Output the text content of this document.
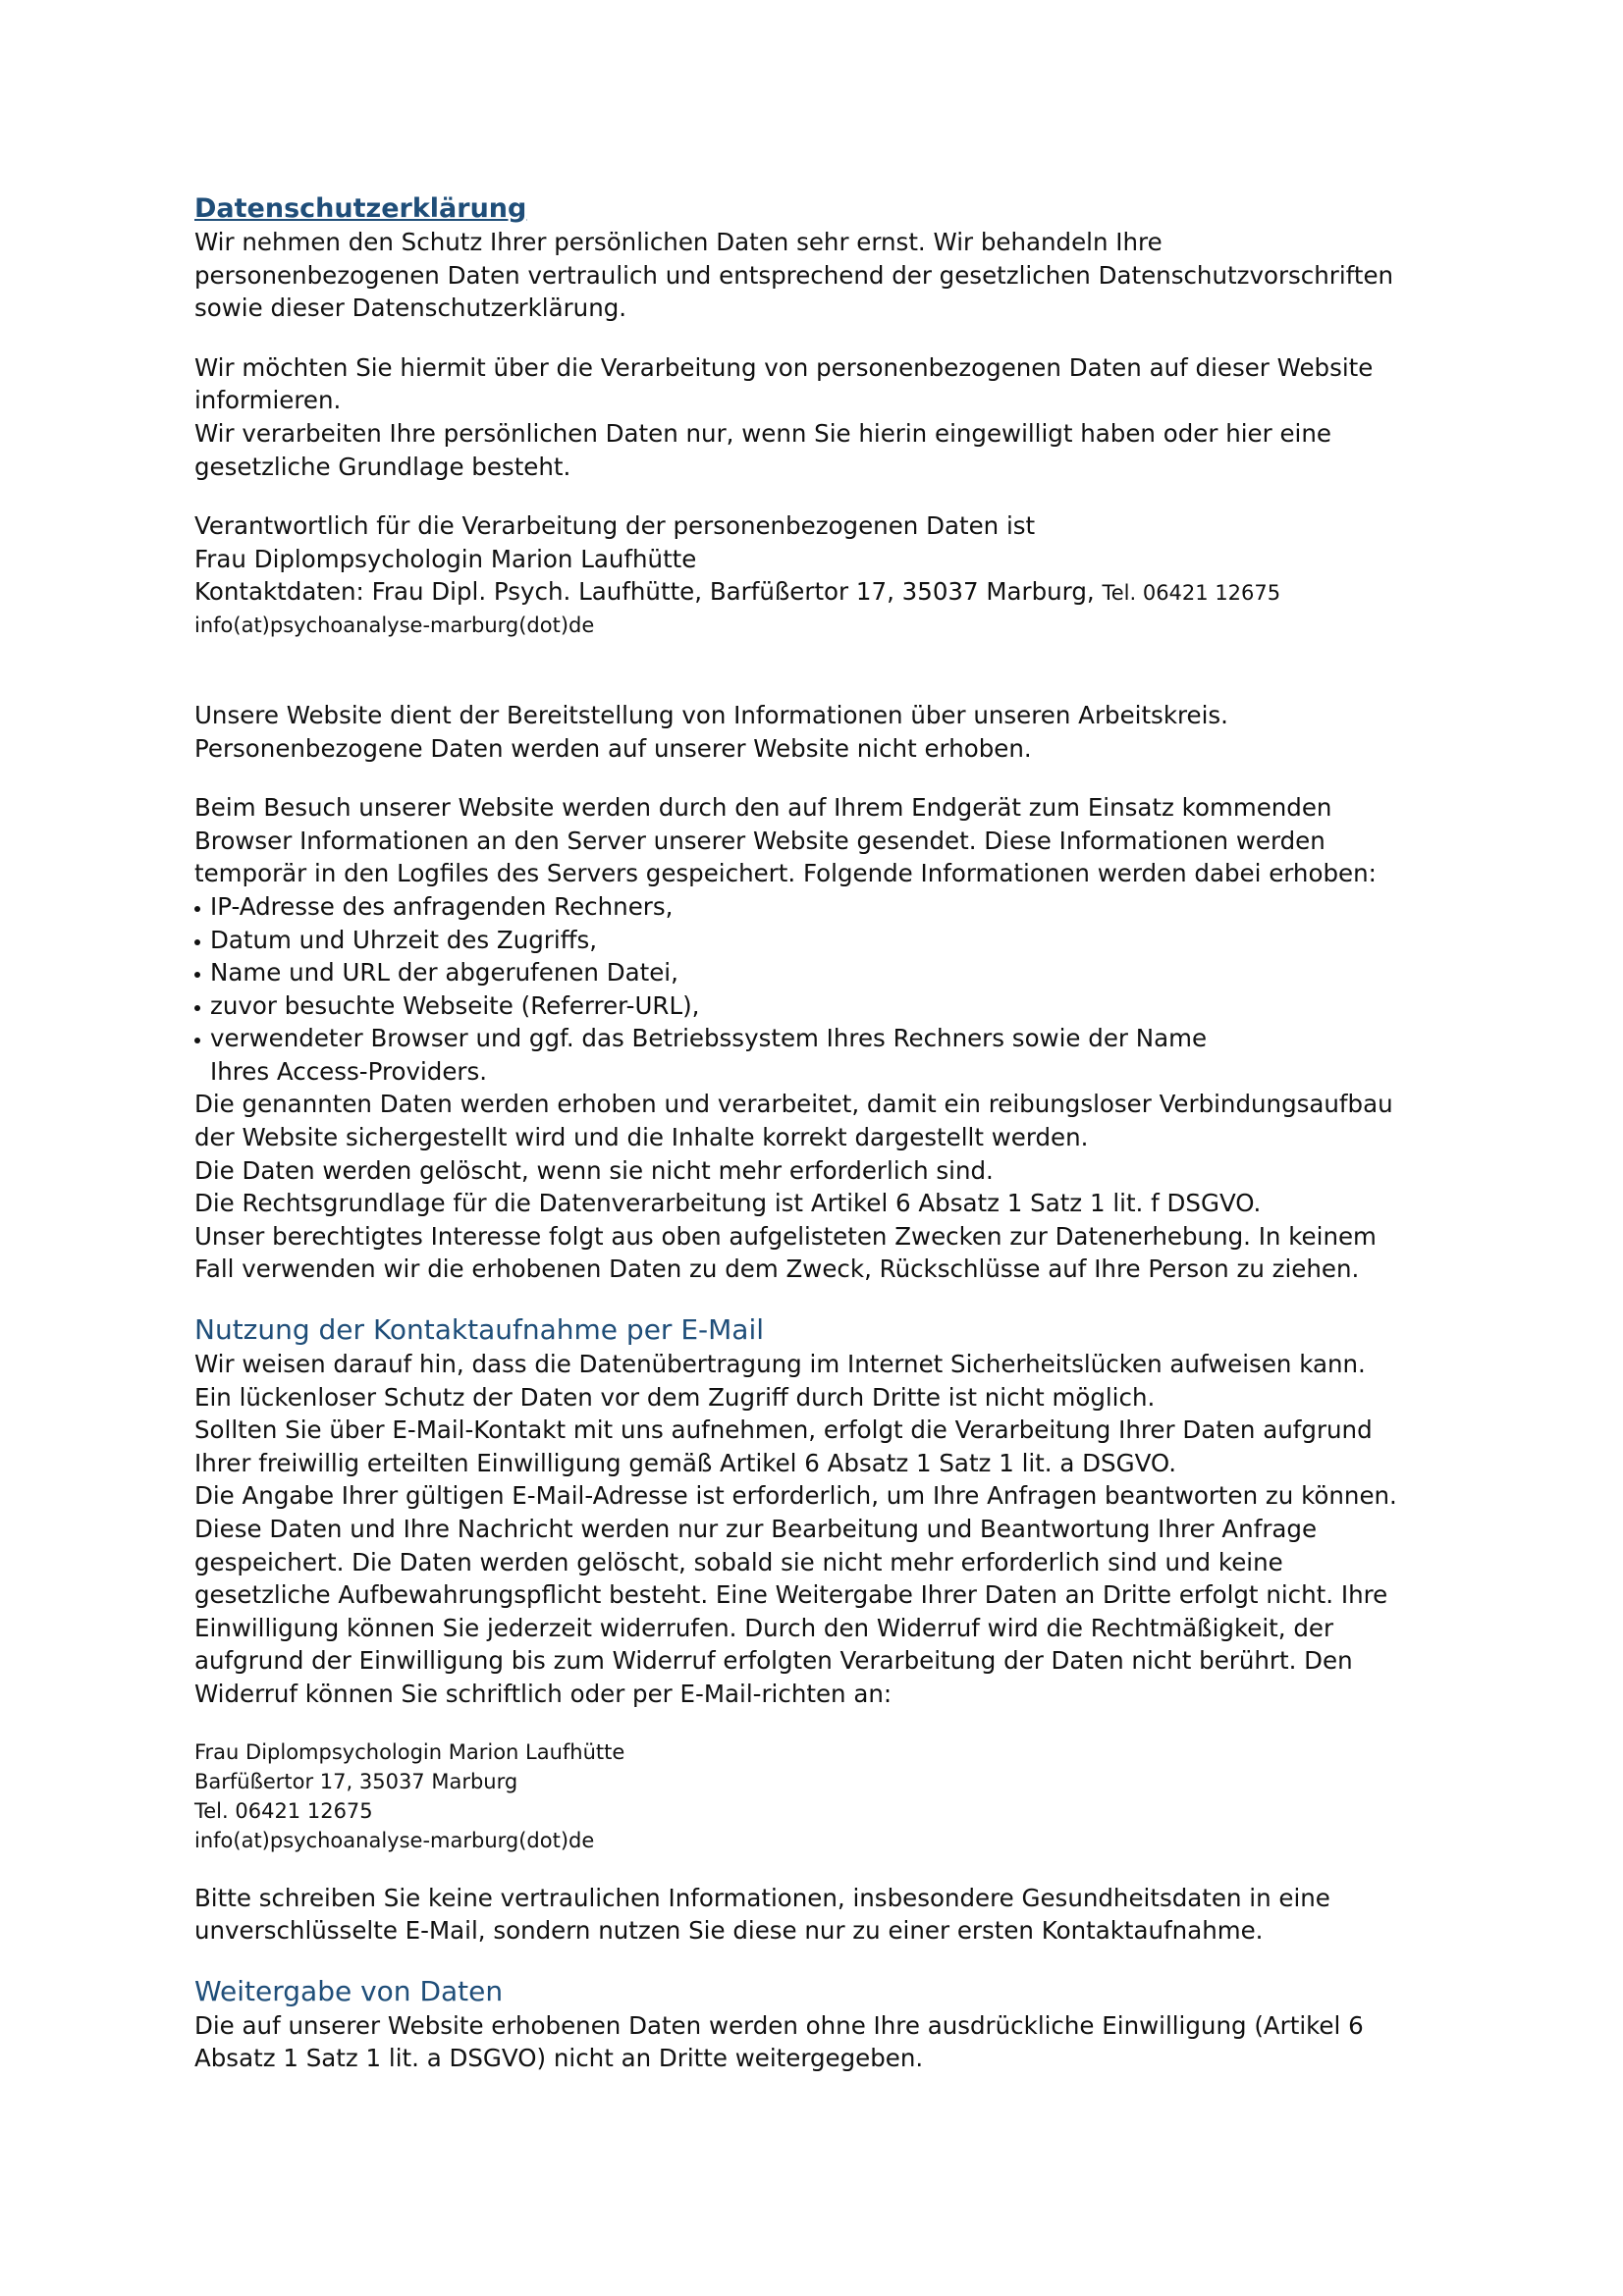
Datenschutzerklärung

Wir nehmen den Schutz Ihrer persönlichen Daten sehr ernst. Wir behandeln Ihre
personenbezogenen Daten vertraulich und entsprechend der gesetzlichen Datenschutzvorschriften
sowie dieser Datenschutzerklärung.

Wir möchten Sie hiermit über die Verarbeitung von personenbezogenen Daten auf dieser Website
informieren.
Wir verarbeiten Ihre persönlichen Daten nur, wenn Sie hierin eingewilligt haben oder hier eine
gesetzliche Grundlage besteht.

Verantwortlich für die Verarbeitung der personenbezogenen Daten ist

Frau Diplompsychologin Marion Laufhütte

Kontaktdaten: Frau Dipl. Psych. Laufhütte, Barfüßertor 17, 35037 Marburg, Tel. 06421 12675

info(at)psychoanalyse-marburg(dot)de

Unsere Website dient der Bereitstellung von Informationen über unseren Arbeitskreis.
Personenbezogene Daten werden auf unserer Website nicht erhoben.

Beim Besuch unserer Website werden durch den auf Ihrem Endgerät zum Einsatz kommenden
Browser Informationen an den Server unserer Website gesendet. Diese Informationen werden
temporär in den Logfiles des Servers gespeichert. Folgende Informationen werden dabei erhoben:

IP-Adresse des anfragenden Rechners,
Datum und Uhrzeit des Zugriffs,
Name und URL der abgerufenen Datei,
zuvor besuchte Webseite (Referrer-URL),
verwendeter Browser und ggf. das Betriebssystem Ihres Rechners sowie der Name
Ihres Access-Providers.

Die genannten Daten werden erhoben und verarbeitet, damit ein reibungsloser Verbindungsaufbau
der Website sichergestellt wird und die Inhalte korrekt dargestellt werden.
Die Daten werden gelöscht, wenn sie nicht mehr erforderlich sind.
Die Rechtsgrundlage für die Datenverarbeitung ist Artikel 6 Absatz 1 Satz 1 lit. f DSGVO.
Unser berechtigtes Interesse folgt aus oben aufgelisteten Zwecken zur Datenerhebung. In keinem
Fall verwenden wir die erhobenen Daten zu dem Zweck, Rückschlüsse auf Ihre Person zu ziehen.

Nutzung der Kontaktaufnahme per E-Mail

Wir weisen darauf hin, dass die Datenübertragung im Internet Sicherheitslücken aufweisen kann.
Ein lückenloser Schutz der Daten vor dem Zugriff durch Dritte ist nicht möglich.
Sollten Sie über E-Mail-Kontakt mit uns aufnehmen, erfolgt die Verarbeitung Ihrer Daten aufgrund
Ihrer freiwillig erteilten Einwilligung gemäß Artikel 6 Absatz 1 Satz 1 lit. a DSGVO.
Die Angabe Ihrer gültigen E-Mail-Adresse ist erforderlich, um Ihre Anfragen beantworten zu können.
Diese Daten und Ihre Nachricht werden nur zur Bearbeitung und Beantwortung Ihrer Anfrage
gespeichert. Die Daten werden gelöscht, sobald sie nicht mehr erforderlich sind und keine
gesetzliche Aufbewahrungspflicht besteht. Eine Weitergabe Ihrer Daten an Dritte erfolgt nicht. Ihre
Einwilligung können Sie jederzeit widerrufen. Durch den Widerruf wird die Rechtmäßigkeit, der
aufgrund der Einwilligung bis zum Widerruf erfolgten Verarbeitung der Daten nicht berührt. Den
Widerruf können Sie schriftlich oder per E-Mail-richten an:

Frau Diplompsychologin Marion Laufhütte

Barfüßertor 17, 35037 Marburg

Tel. 06421 12675

info(at)psychoanalyse-marburg(dot)de

Bitte schreiben Sie keine vertraulichen Informationen, insbesondere Gesundheitsdaten in eine
unverschlüsselte E-Mail, sondern nutzen Sie diese nur zu einer ersten Kontaktaufnahme.

Weitergabe von Daten

Die auf unserer Website erhobenen Daten werden ohne Ihre ausdrückliche Einwilligung (Artikel 6
Absatz 1 Satz 1 lit. a DSGVO) nicht an Dritte weitergegeben.
